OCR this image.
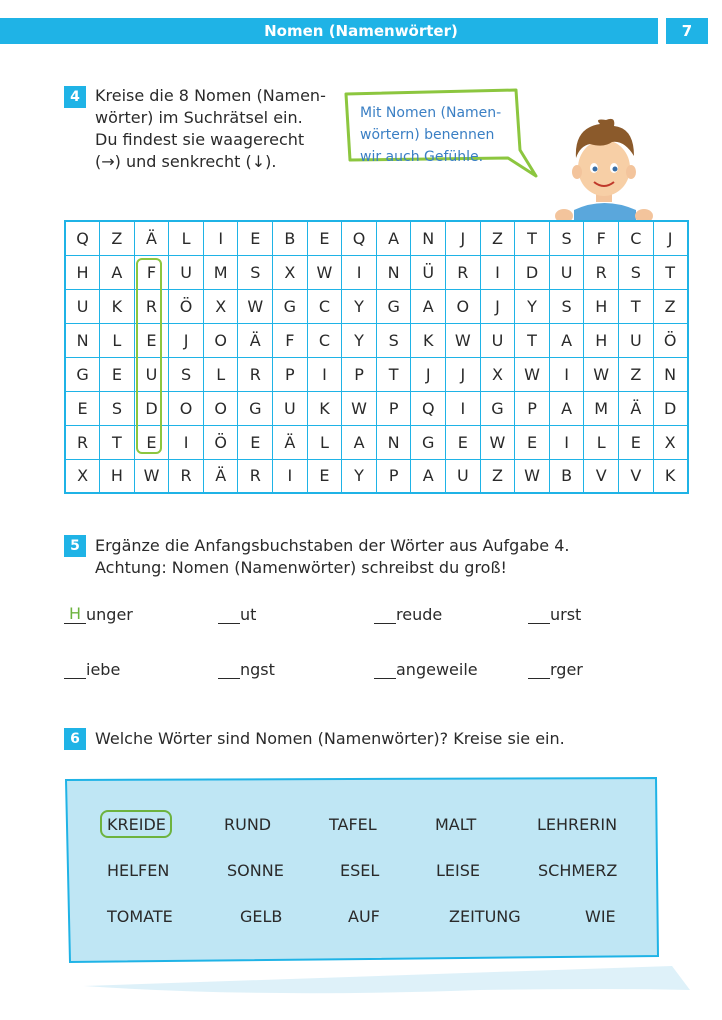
Nomen (Namenwörter)	7
4 Kreise die 8 Nomen (Namen-
wörter) im Suchrätsel ein.
Du findest sie waagerecht
(→) und senkrecht (↓).
Mit Nomen (Namen-
wörtern) benennen
wir auch Gefühle.
Q	Z	Ä	L	I	E	B	E	Q	A	N	J	Z	T	S	F	C	J
H	A	F	U	M	S	X	W	I	N	Ü	R	I	D	U	R	S	T
U	K	R	Ö	X	W	G	C	Y	G	A	O	J	Y	S	H	T	Z
N	L	E	J	O	Ä	F	C	Y	S	K	W	U	T	A	H	U	Ö
G	E	U	S	L	R	P	I	P	T	J	J	X	W	I	W	Z	N
E	S	D	O	O	G	U	K	W	P	Q	I	G	P	A	M	Ä	D
R	T	E	I	Ö	E	Ä	L	A	N	G	E	W	E	I	L	E	X
X	H	W	R	Ä	R	I	E	Y	P	A	U	Z	W	B	V	V	K
5 Ergänze die Anfangsbuchstaben der Wörter aus Aufgabe 4.
Achtung: Nomen (Namenwörter) schreibst du groß!
H unger	ut	reude	urst
iebe	ngst	angeweile	rger
6 Welche Wörter sind Nomen (Namenwörter)? Kreise sie ein.
KREIDE	RUND	TAFEL	MALT	LEHRERIN
HELFEN	SONNE	ESEL	LEISE	SCHMERZ
TOMATE	GELB	AUF	ZEITUNG	WIE
